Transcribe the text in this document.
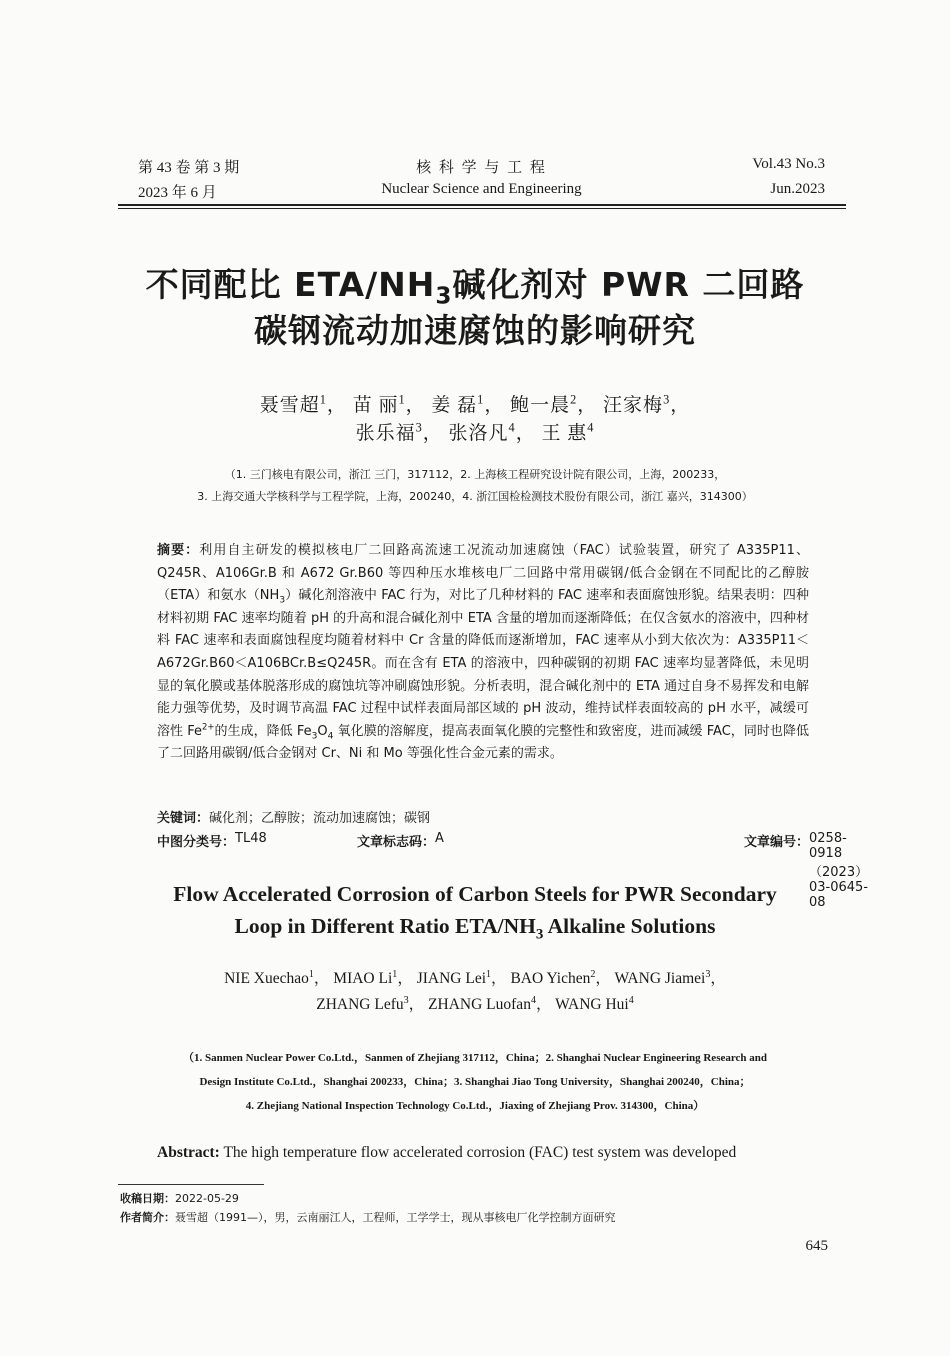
第 43 卷 第 3 期	核 科 学 与 工 程	Vol.43 No.3
2023 年 6 月	Nuclear Science and Engineering	Jun.2023
不同配比 ETA/$NH_3$碱化剂对 PWR 二回路
碳钢流动加速腐蚀的影响研究
聂雪超$^1$， 苗 丽$^1$， 姜 磊$^1$， 鲍一晨$^2$， 汪家梅$^3$，
张乐福$^3$， 张洛凡$^4$， 王 惠$^4$
（1. 三门核电有限公司，浙江 三门，317112，2. 上海核工程研究设计院有限公司，上海，200233，
3. 上海交通大学核科学与工程学院，上海，200240，4. 浙江国检检测技术股份有限公司，浙江 嘉兴，314300）

摘要：利用自主研发的模拟核电厂二回路高流速工况流动加速腐蚀（FAC）试验装置，研究了 A335P11、Q245R、A106Gr.B 和 A672 Gr.B60 等四种压水堆核电厂二回路中常用碳钢/低合金钢在不同配比的乙醇胺（ETA）和氨水$(NH_3)$碱化剂溶液中 FAC 行为，对比了几种材料的 FAC 速率和表面腐蚀形貌。结果表明：四种材料初期 FAC 速率均随着 pH 的升高和混合碱化剂中 ETA 含量的增加而逐渐降低；在仅含氨水的溶液中，四种材料 FAC 速率和表面腐蚀程度均随着材料中 Cr 含量的降低而逐渐增加，FAC 速率从小到大依次为：A335P11＜A672Gr.B60＜A106BCr.B≤Q245R。而在含有 ETA 的溶液中，四种碳钢的初期 FAC 速率均显著降低，未见明显的氧化膜或基体脱落形成的腐蚀坑等冲刷腐蚀形貌。分析表明，混合碱化剂中的 ETA 通过自身不易挥发和电解能力强等优势，及时调节高温 FAC 过程中试样表面局部区域的 pH 波动，维持试样表面较高的 pH 水平，减缓可溶性 $Fe^{2+}$的生成，降低 $Fe_3O_4$ 氧化膜的溶解度，提高表面氧化膜的完整性和致密度，进而减缓 FAC，同时也降低了二回路用碳钢/低合金钢对 Cr、Ni 和 Mo 等强化性合金元素的需求。

关键词：碱化剂；乙醇胺；流动加速腐蚀；碳钢
中图分类号： TL48	文章标志码： A	文章编号： 0258-0918（2023）03-0645-08
Flow Accelerated Corrosion of Carbon Steels for PWR Secondary
Loop in Different Ratio ETA/$NH_3$ Alkaline Solutions
NIE Xuechao$^1$， MIAO Li$^1$， JIANG Lei$^1$， BAO Yichen$^2$， WANG Jiamei$^3$，
ZHANG Lefu$^3$， ZHANG Luofan$^4$， WANG Hui$^4$
（1. Sanmen Nuclear Power Co.Ltd.，Sanmen of Zhejiang 317112，China；2. Shanghai Nuclear Engineering Research and
Design Institute Co.Ltd.，Shanghai 200233，China；3. Shanghai Jiao Tong University，Shanghai 200240，China；
4. Zhejiang National Inspection Technology Co.Ltd.，Jiaxing of Zhejiang Prov. 314300，China）
Abstract: The high temperature flow accelerated corrosion (FAC) test system was developed
收稿日期：2022-05-29
作者简介：聂雪超（1991—），男，云南丽江人，工程师，工学学士，现从事核电厂化学控制方面研究
645
